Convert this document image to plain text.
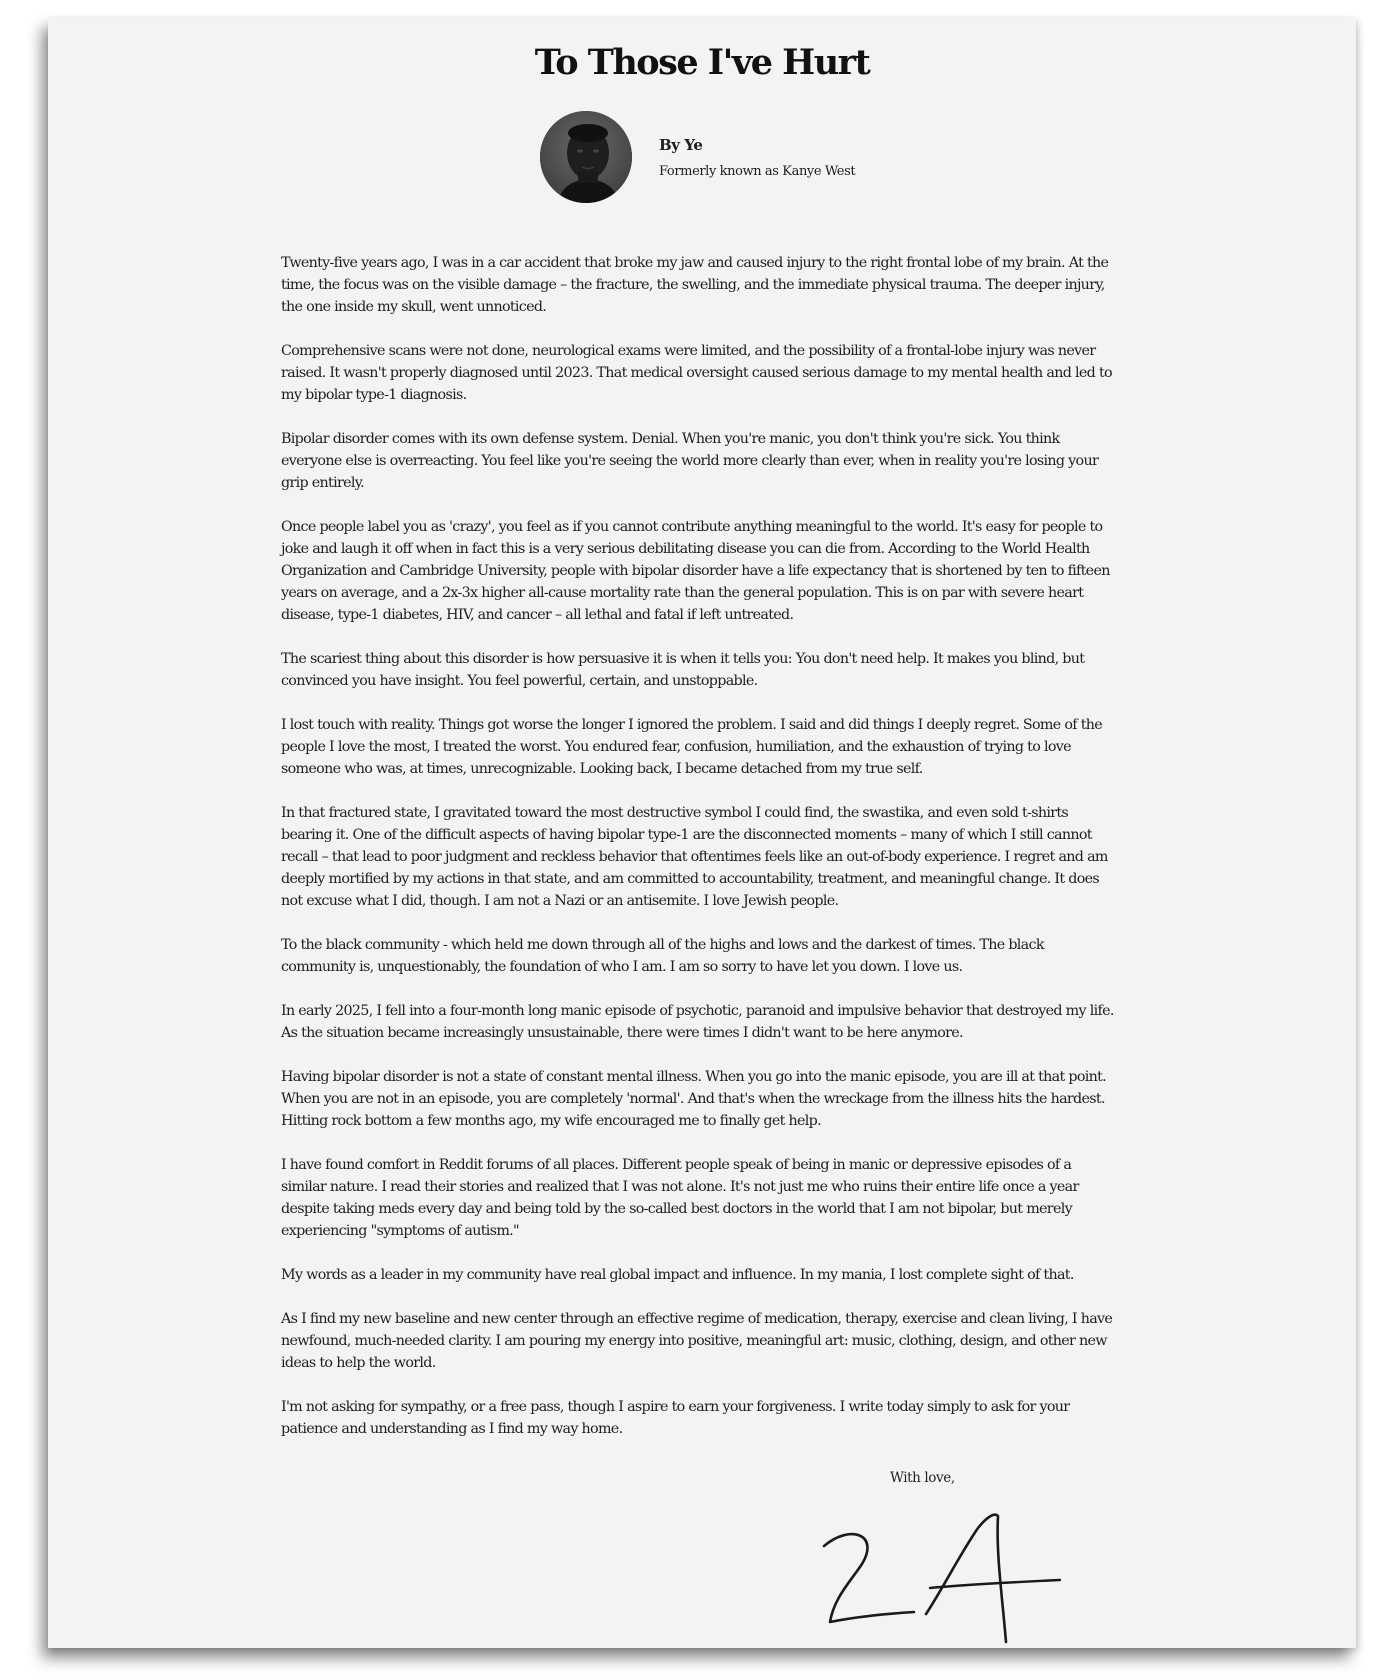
To Those I've Hurt
By Ye
Formerly known as Kanye West

Twenty-five years ago, I was in a car accident that broke my jaw and caused injury to the right frontal lobe of my brain. At the time, the focus was on the visible damage – the fracture, the swelling, and the immediate physical trauma. The deeper injury, the one inside my skull, went unnoticed.

Comprehensive scans were not done, neurological exams were limited, and the possibility of a frontal-lobe injury was never raised. It wasn't properly diagnosed until 2023. That medical oversight caused serious damage to my mental health and led to my bipolar type-1 diagnosis.

Bipolar disorder comes with its own defense system. Denial. When you're manic, you don't think you're sick. You think everyone else is overreacting. You feel like you're seeing the world more clearly than ever, when in reality you're losing your grip entirely.

Once people label you as 'crazy', you feel as if you cannot contribute anything meaningful to the world. It's easy for people to joke and laugh it off when in fact this is a very serious debilitating disease you can die from. According to the World Health Organization and Cambridge University, people with bipolar disorder have a life expectancy that is shortened by ten to fifteen years on average, and a 2x-3x higher all-cause mortality rate than the general population. This is on par with severe heart disease, type-1 diabetes, HIV, and cancer – all lethal and fatal if left untreated.

The scariest thing about this disorder is how persuasive it is when it tells you: You don't need help. It makes you blind, but convinced you have insight. You feel powerful, certain, and unstoppable.

I lost touch with reality. Things got worse the longer I ignored the problem. I said and did things I deeply regret. Some of the people I love the most, I treated the worst. You endured fear, confusion, humiliation, and the exhaustion of trying to love someone who was, at times, unrecognizable. Looking back, I became detached from my true self.

In that fractured state, I gravitated toward the most destructive symbol I could find, the swastika, and even sold t-shirts bearing it. One of the difficult aspects of having bipolar type-1 are the disconnected moments – many of which I still cannot recall – that lead to poor judgment and reckless behavior that oftentimes feels like an out-of-body experience. I regret and am deeply mortified by my actions in that state, and am committed to accountability, treatment, and meaningful change. It does not excuse what I did, though. I am not a Nazi or an antisemite. I love Jewish people.

To the black community - which held me down through all of the highs and lows and the darkest of times. The black community is, unquestionably, the foundation of who I am. I am so sorry to have let you down. I love us.

In early 2025, I fell into a four-month long manic episode of psychotic, paranoid and impulsive behavior that destroyed my life. As the situation became increasingly unsustainable, there were times I didn't want to be here anymore.

Having bipolar disorder is not a state of constant mental illness. When you go into the manic episode, you are ill at that point. When you are not in an episode, you are completely 'normal'. And that's when the wreckage from the illness hits the hardest. Hitting rock bottom a few months ago, my wife encouraged me to finally get help.

I have found comfort in Reddit forums of all places. Different people speak of being in manic or depressive episodes of a similar nature. I read their stories and realized that I was not alone. It's not just me who ruins their entire life once a year despite taking meds every day and being told by the so-called best doctors in the world that I am not bipolar, but merely experiencing "symptoms of autism."

My words as a leader in my community have real global impact and influence. In my mania, I lost complete sight of that.

As I find my new baseline and new center through an effective regime of medication, therapy, exercise and clean living, I have newfound, much-needed clarity. I am pouring my energy into positive, meaningful art: music, clothing, design, and other new ideas to help the world.

I'm not asking for sympathy, or a free pass, though I aspire to earn your forgiveness. I write today simply to ask for your patience and understanding as I find my way home.

With love,
